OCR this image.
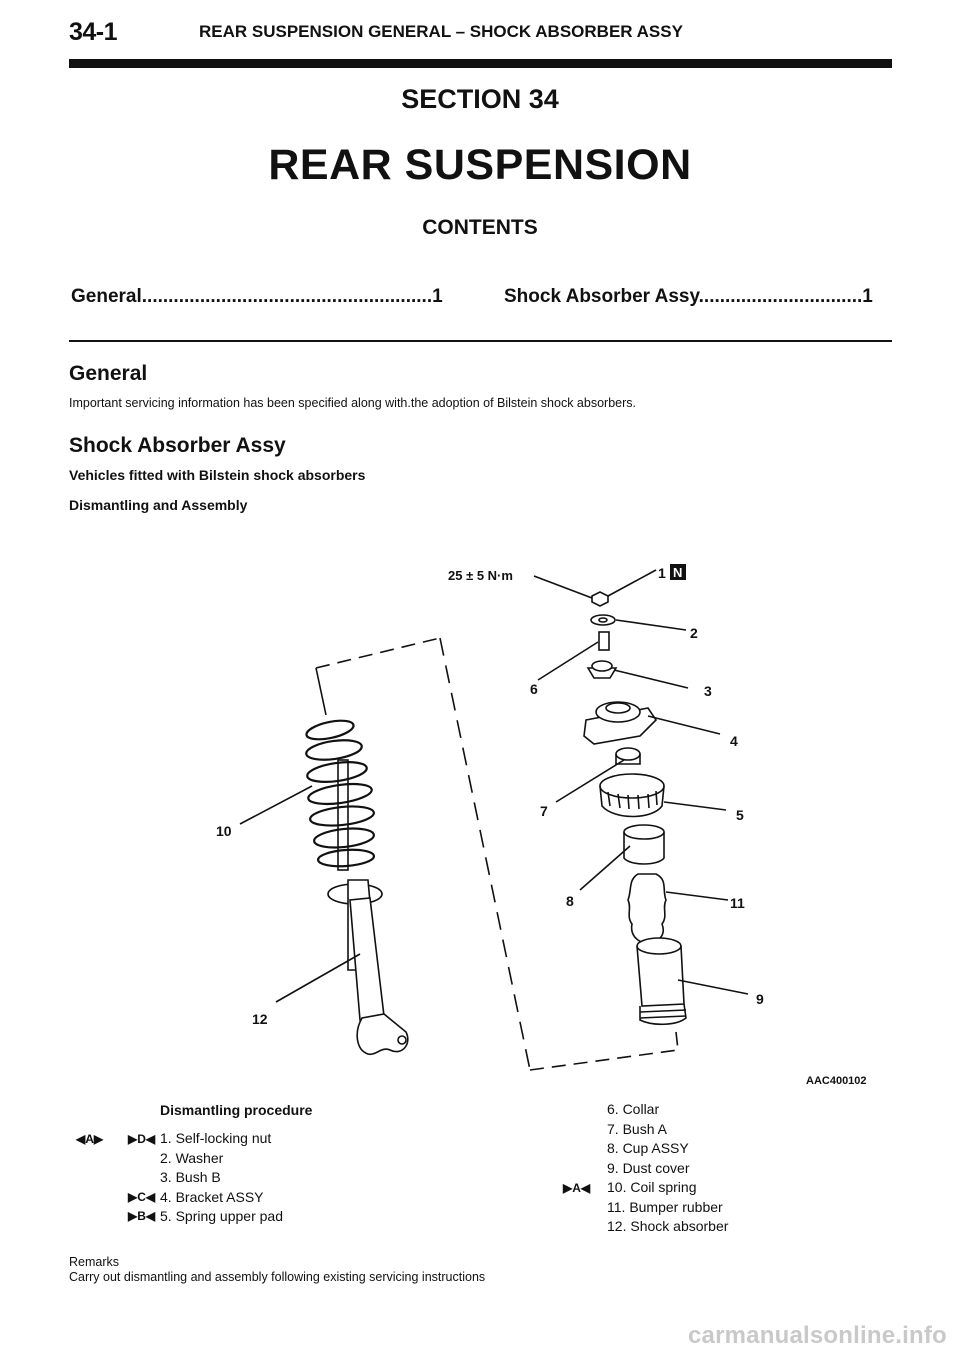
34-1	REAR SUSPENSION GENERAL – SHOCK ABSORBER ASSY
SECTION 34
REAR SUSPENSION
CONTENTS
General.......................................................1	Shock Absorber Assy...............................1
General
Important servicing information has been specified along with.the adoption of Bilstein shock absorbers.
Shock Absorber Assy
Vehicles fitted with Bilstein shock absorbers
Dismantling and Assembly
25 ± 5 N·m	1 N
2
3
4
5
6
7
8
9
10
11
12
AAC400102
Dismantling procedure
◀A▶ ▶D◀
▶C◀
▶B◀
1. Self-locking nut
2. Washer
3. Bush B
4. Bracket ASSY
5. Spring upper pad
▶A◀
6. Collar
7. Bush A
8. Cup ASSY
9. Dust cover
10. Coil spring
11. Bumper rubber
12. Shock absorber
Remarks
Carry out dismantling and assembly following existing servicing instructions
carmanualsonline.info
